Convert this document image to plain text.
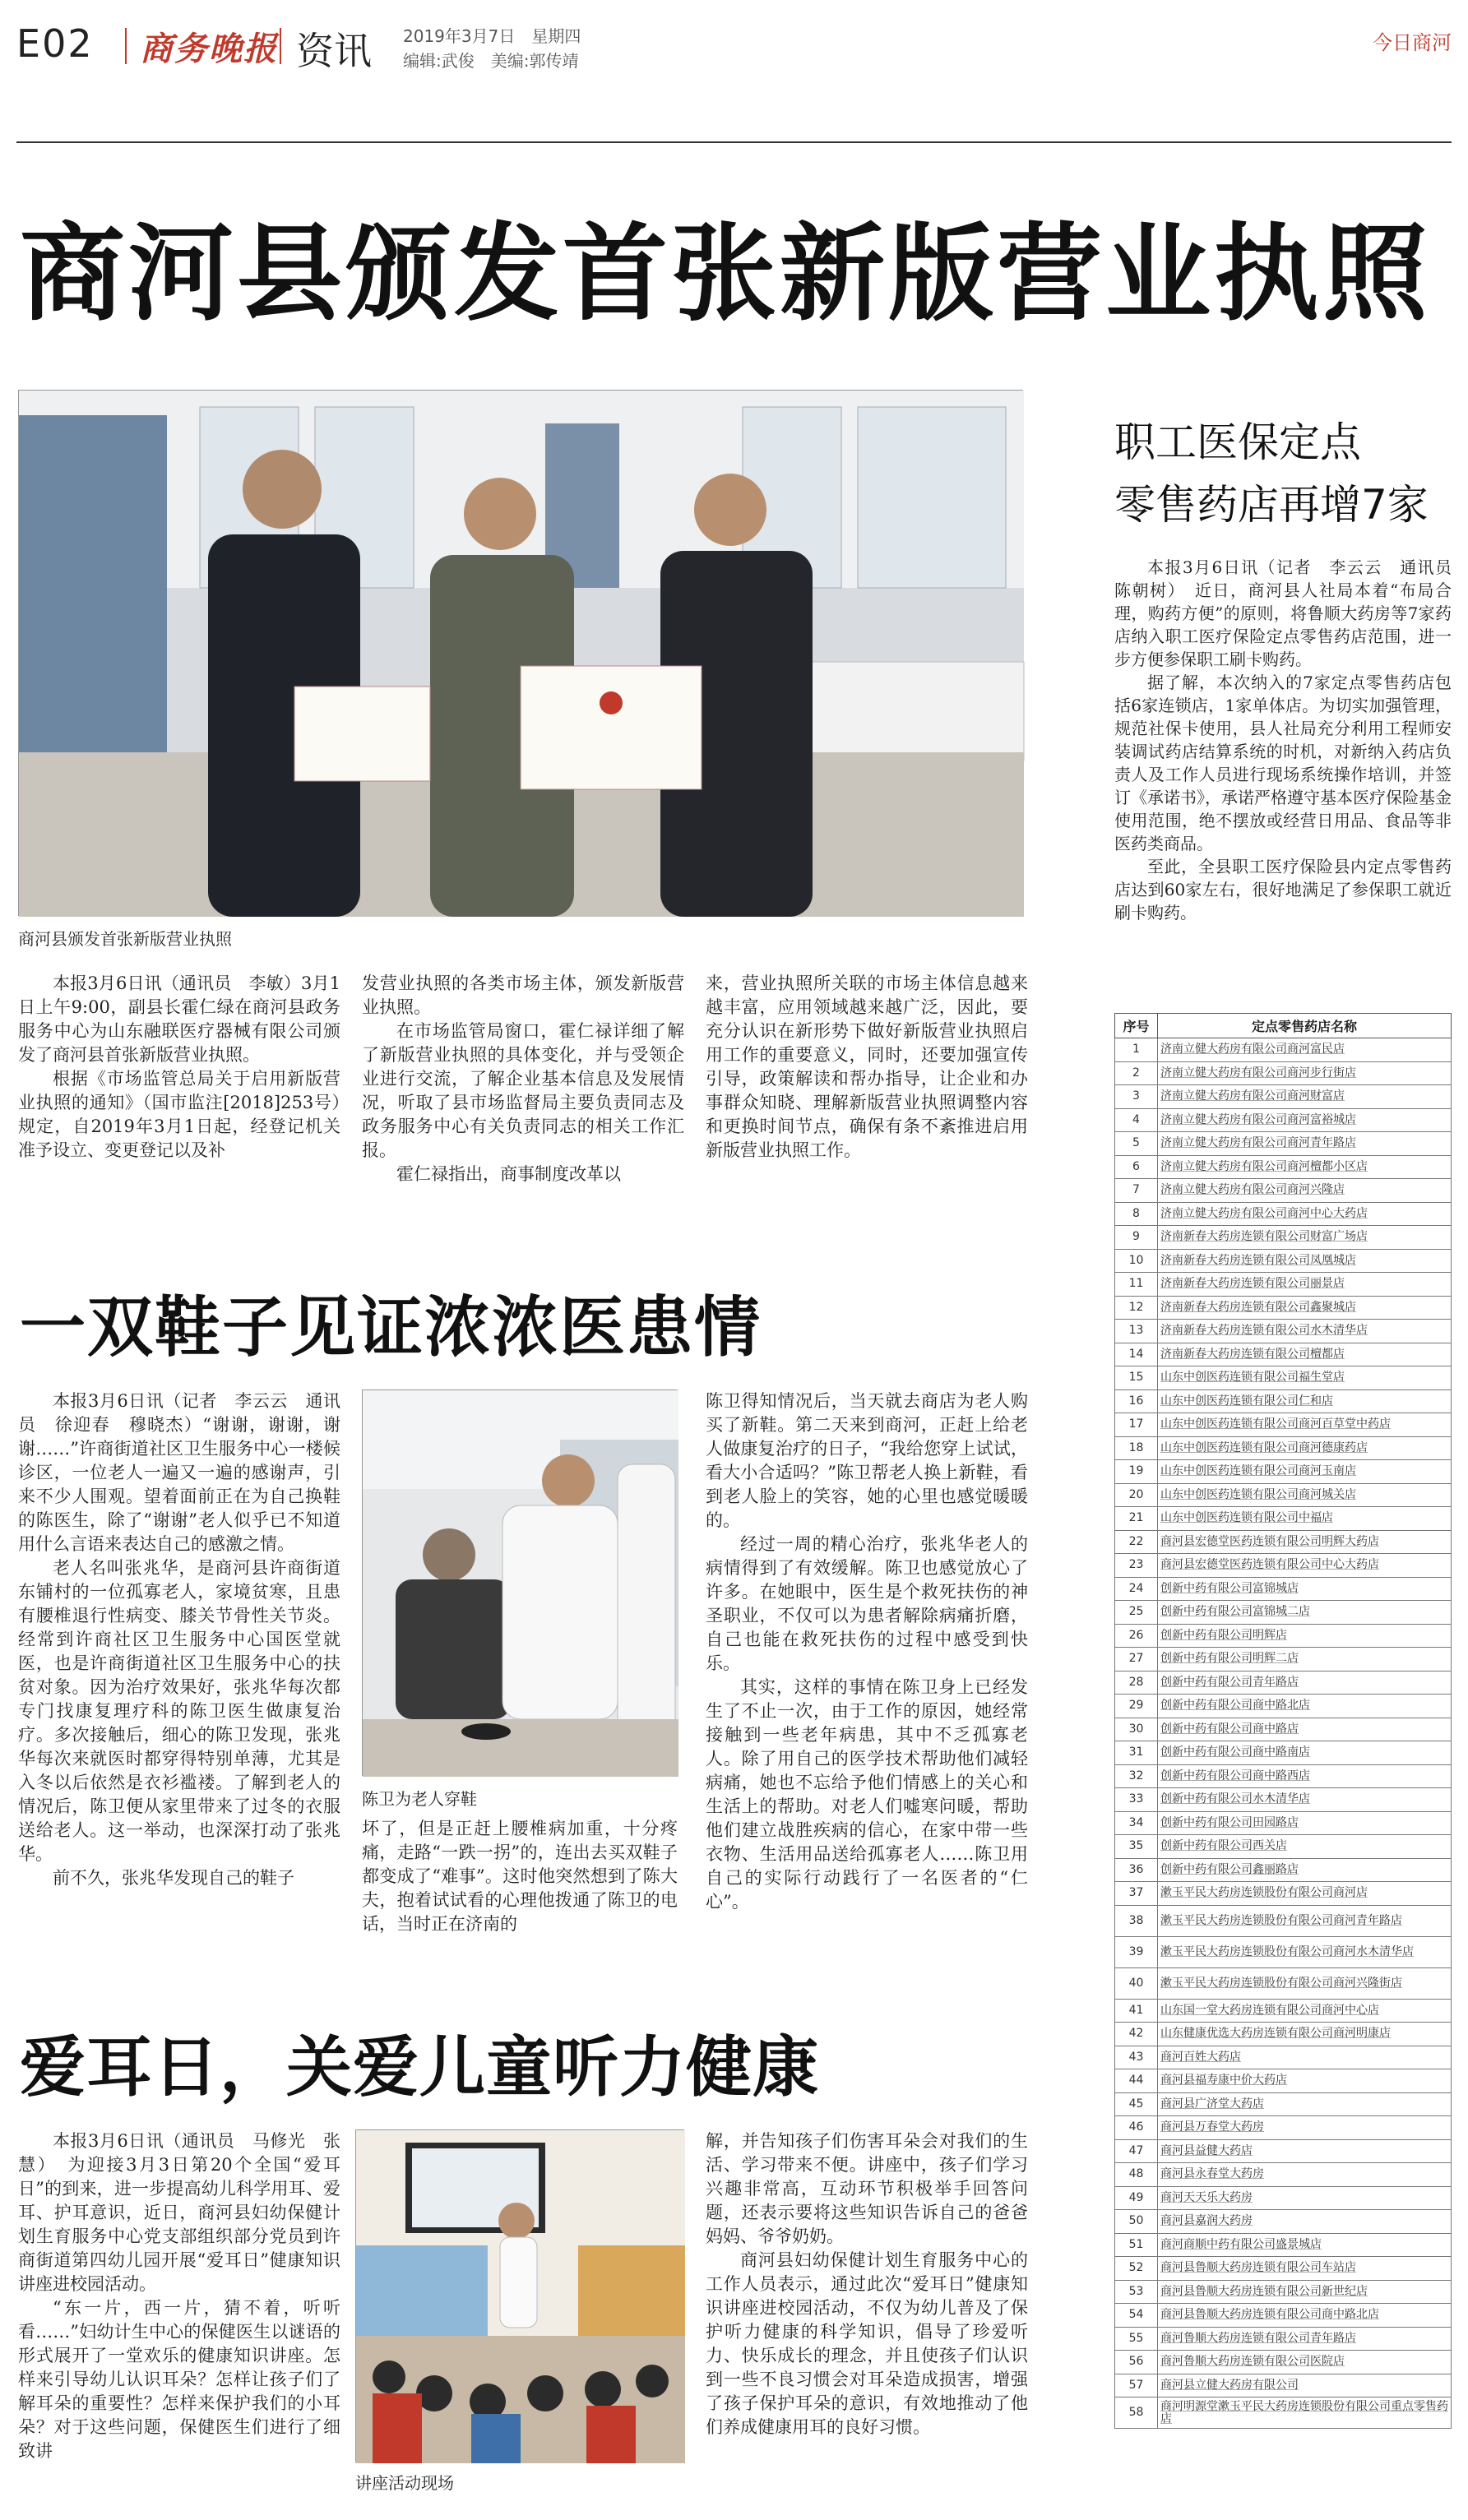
E02 商务晚报 资讯 2019年3月7日　星期四
编辑:武俊　美编:郭传靖
今日商河
商河县颁发首张新版营业执照
商河县颁发首张新版营业执照

本报3月6日讯（通讯员　李敏）3月1日上午9:00，副县长霍仁绿在商河县政务服务中心为山东融联医疗器械有限公司颁发了商河县首张新版营业执照。

根据《市场监管总局关于启用新版营业执照的通知》（国市监注[2018]253号）规定，自2019年3月1日起，经登记机关准予设立、变更登记以及补

发营业执照的各类市场主体，颁发新版营业执照。

在市场监管局窗口，霍仁禄详细了解了新版营业执照的具体变化，并与受领企业进行交流，了解企业基本信息及发展情况，听取了县市场监督局主要负责同志及政务服务中心有关负责同志的相关工作汇报。

霍仁禄指出，商事制度改革以

来，营业执照所关联的市场主体信息越来越丰富，应用领域越来越广泛，因此，要充分认识在新形势下做好新版营业执照启用工作的重要意义，同时，还要加强宣传引导，政策解读和帮办指导，让企业和办事群众知晓、理解新版营业执照调整内容和更换时间节点，确保有条不紊推进启用新版营业执照工作。

职工医保定点
零售药店再增7家

本报3月6日讯（记者　李云云　通讯员　陈朝树）　近日，商河县人社局本着“布局合理，购药方便”的原则，将鲁顺大药房等7家药店纳入职工医疗保险定点零售药店范围，进一步方便参保职工刷卡购药。

据了解，本次纳入的7家定点零售药店包括6家连锁店，1家单体店。为切实加强管理，规范社保卡使用，县人社局充分利用工程师安装调试药店结算系统的时机，对新纳入药店负责人及工作人员进行现场系统操作培训，并签订《承诺书》，承诺严格遵守基本医疗保险基金使用范围，绝不摆放或经营日用品、食品等非医药类商品。

至此，全县职工医疗保险县内定点零售药店达到60家左右，很好地满足了参保职工就近刷卡购药。

序号	定点零售药店名称
1	济南立健大药房有限公司商河富民店
2	济南立健大药房有限公司商河步行街店
3	济南立健大药房有限公司商河财富店
4	济南立健大药房有限公司商河富裕城店
5	济南立健大药房有限公司商河青年路店
6	济南立健大药房有限公司商河檀都小区店
7	济南立健大药房有限公司商河兴隆店
8	济南立健大药房有限公司商河中心大药店
9	济南新春大药房连锁有限公司财富广场店
10	济南新春大药房连锁有限公司凤凰城店
11	济南新春大药房连锁有限公司丽景店
12	济南新春大药房连锁有限公司鑫聚城店
13	济南新春大药房连锁有限公司水木清华店
14	济南新春大药房连锁有限公司檀都店
15	山东中创医药连锁有限公司福生堂店
16	山东中创医药连锁有限公司仁和店
17	山东中创医药连锁有限公司商河百草堂中药店
18	山东中创医药连锁有限公司商河德康药店
19	山东中创医药连锁有限公司商河玉南店
20	山东中创医药连锁有限公司商河城关店
21	山东中创医药连锁有限公司中福店
22	商河县宏德堂医药连锁有限公司明辉大药店
23	商河县宏德堂医药连锁有限公司中心大药店
24	创新中药有限公司富锦城店
25	创新中药有限公司富锦城二店
26	创新中药有限公司明辉店
27	创新中药有限公司明辉二店
28	创新中药有限公司青年路店
29	创新中药有限公司商中路北店
30	创新中药有限公司商中路店
31	创新中药有限公司商中路南店
32	创新中药有限公司商中路西店
33	创新中药有限公司水木清华店
34	创新中药有限公司田园路店
35	创新中药有限公司西关店
36	创新中药有限公司鑫丽路店
37	漱玉平民大药房连锁股份有限公司商河店
38	漱玉平民大药房连锁股份有限公司商河青年路店
39	漱玉平民大药房连锁股份有限公司商河水木清华店
40	漱玉平民大药房连锁股份有限公司商河兴隆街店
41	山东国一堂大药房连锁有限公司商河中心店
42	山东健康优选大药房连锁有限公司商河明康店
43	商河百姓大药店
44	商河县福寿康中价大药店
45	商河县广济堂大药店
46	商河县万春堂大药房
47	商河县益健大药店
48	商河县永春堂大药房
49	商河天天乐大药房
50	商河县嘉润大药房
51	商河商顺中药有限公司盛景城店
52	商河县鲁顺大药房连锁有限公司车站店
53	商河县鲁顺大药房连锁有限公司新世纪店
54	商河县鲁顺大药房连锁有限公司商中路北店
55	商河鲁顺大药房连锁有限公司青年路店
56	商河鲁顺大药房连锁有限公司医院店
57	商河县立健大药房有限公司
58	商河明源堂漱玉平民大药房连锁股份有限公司重点零售药店
一双鞋子见证浓浓医患情

本报3月6日讯（记者　李云云　通讯员　徐迎春　穆晓杰）“谢谢，谢谢，谢谢……”许商街道社区卫生服务中心一楼候诊区，一位老人一遍又一遍的感谢声，引来不少人围观。望着面前正在为自己换鞋的陈医生，除了“谢谢”老人似乎已不知道用什么言语来表达自己的感激之情。

老人名叫张兆华，是商河县许商街道东铺村的一位孤寡老人，家境贫寒，且患有腰椎退行性病变、膝关节骨性关节炎。经常到许商社区卫生服务中心国医堂就医，也是许商街道社区卫生服务中心的扶贫对象。因为治疗效果好，张兆华每次都专门找康复理疗科的陈卫医生做康复治疗。多次接触后，细心的陈卫发现，张兆华每次来就医时都穿得特别单薄，尤其是入冬以后依然是衣衫褴褛。了解到老人的情况后，陈卫便从家里带来了过冬的衣服送给老人。这一举动，也深深打动了张兆华。

前不久，张兆华发现自己的鞋子

陈卫为老人穿鞋

坏了，但是正赶上腰椎病加重，十分疼痛，走路“一跌一拐”的，连出去买双鞋子都变成了“难事”。这时他突然想到了陈大夫，抱着试试看的心理他拨通了陈卫的电话，当时正在济南的

陈卫得知情况后，当天就去商店为老人购买了新鞋。第二天来到商河，正赶上给老人做康复治疗的日子，“我给您穿上试试，看大小合适吗？”陈卫帮老人换上新鞋，看到老人脸上的笑容，她的心里也感觉暖暖的。

经过一周的精心治疗，张兆华老人的病情得到了有效缓解。陈卫也感觉放心了许多。在她眼中，医生是个救死扶伤的神圣职业，不仅可以为患者解除病痛折磨，自己也能在救死扶伤的过程中感受到快乐。

其实，这样的事情在陈卫身上已经发生了不止一次，由于工作的原因，她经常接触到一些老年病患，其中不乏孤寡老人。除了用自己的医学技术帮助他们减轻病痛，她也不忘给予他们情感上的关心和生活上的帮助。对老人们嘘寒问暖，帮助他们建立战胜疾病的信心，在家中带一些衣物、生活用品送给孤寡老人……陈卫用自己的实际行动践行了一名医者的“仁心”。

爱耳日，关爱儿童听力健康

本报3月6日讯（通讯员　马修光　张慧）　为迎接3月3日第20个全国“爱耳日”的到来，进一步提高幼儿科学用耳、爱耳、护耳意识，近日，商河县妇幼保健计划生育服务中心党支部组织部分党员到许商街道第四幼儿园开展“爱耳日”健康知识讲座进校园活动。

“东一片，西一片，猜不着，听听看……”妇幼计生中心的保健医生以谜语的形式展开了一堂欢乐的健康知识讲座。怎样来引导幼儿认识耳朵？怎样让孩子们了解耳朵的重要性？怎样来保护我们的小耳朵？对于这些问题，保健医生们进行了细致讲

讲座活动现场

解，并告知孩子们伤害耳朵会对我们的生活、学习带来不便。讲座中，孩子们学习兴趣非常高，互动环节积极举手回答问题，还表示要将这些知识告诉自己的爸爸妈妈、爷爷奶奶。

商河县妇幼保健计划生育服务中心的工作人员表示，通过此次“爱耳日”健康知识讲座进校园活动，不仅为幼儿普及了保护听力健康的科学知识，倡导了珍爱听力、快乐成长的理念，并且使孩子们认识到一些不良习惯会对耳朵造成损害，增强了孩子保护耳朵的意识，有效地推动了他们养成健康用耳的良好习惯。
